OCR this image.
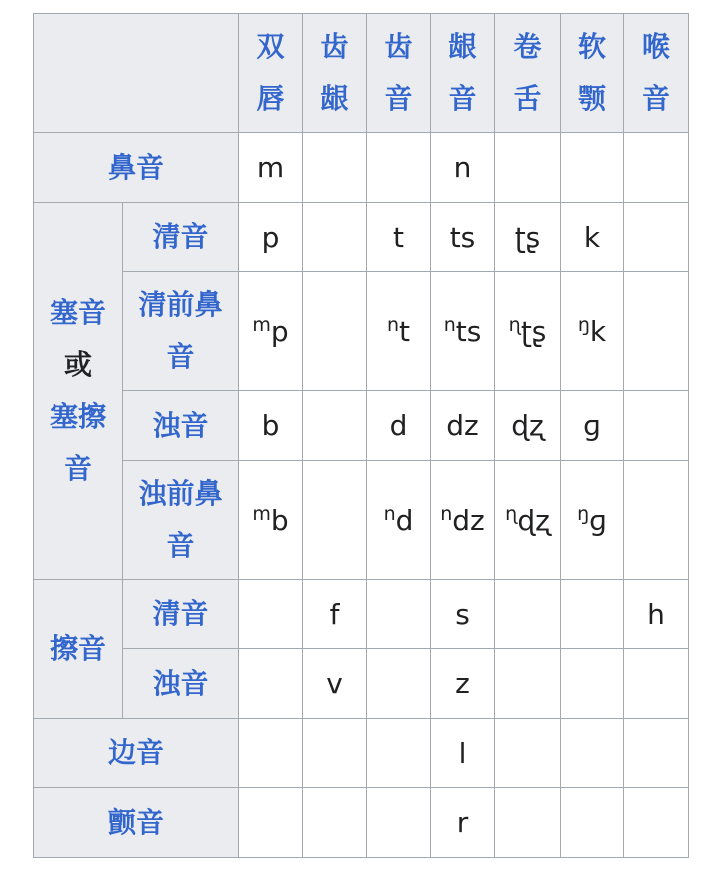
		双唇	齿龈	齿音	龈音	卷舌	软颚	喉音
鼻音		m			n			
塞音
或
塞擦音	清音	p		t	ts	ʈʂ	k	
	清前鼻音	$^m$p		$^n$t	$^n$ts	$^ɳ$ʈʂ	$^ŋ$k	
	浊音	b		d	dz	ɖʐ	ɡ	
	浊前鼻音	$^m$b		$^n$d	$^n$dz	$^ɳ$ɖʐ	$^ŋ$ɡ	
擦音	清音		f		s			h
	浊音		v		z			
边音					l			
颤音					r			
